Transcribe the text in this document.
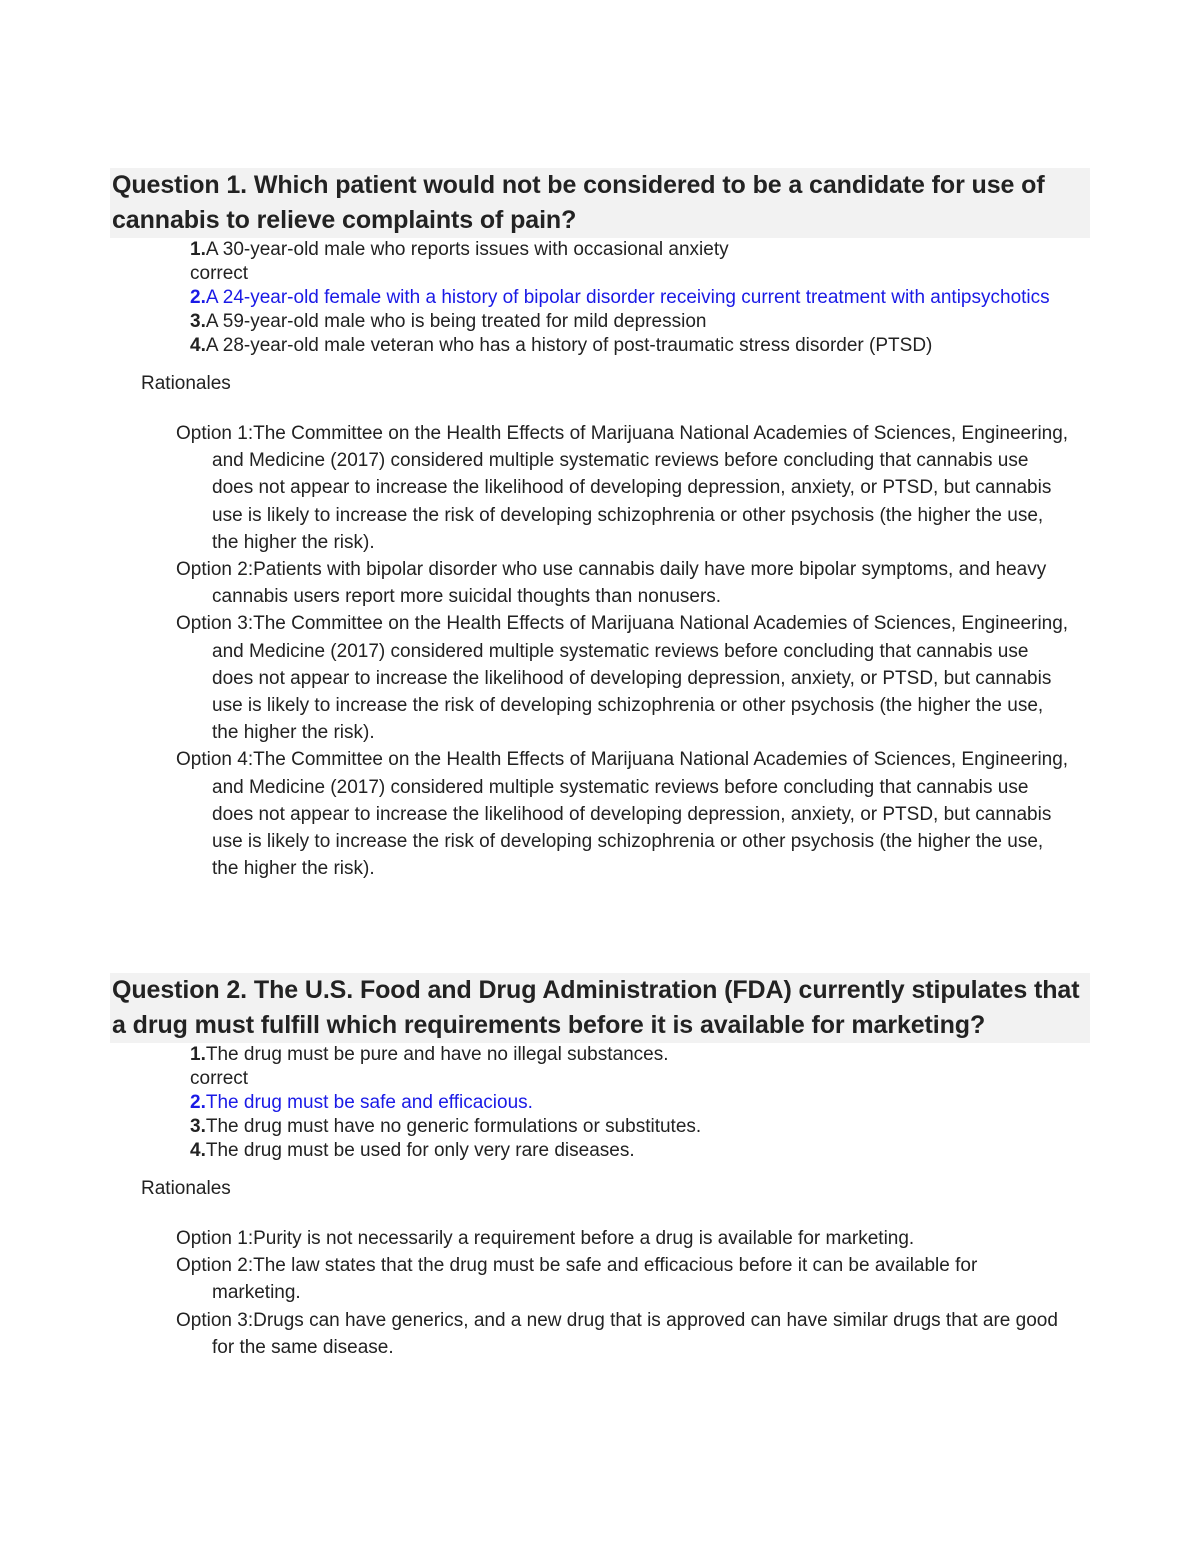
Question 1. Which patient would not be considered to be a candidate for use of cannabis to relieve complaints of pain?
1.A 30-year-old male who reports issues with occasional anxiety

correct

2.A 24-year-old female with a history of bipolar disorder receiving current treatment with antipsychotics
3.A 59-year-old male who is being treated for mild depression
4.A 28-year-old male veteran who has a history of post-traumatic stress disorder (PTSD)

Rationales

Option 1:The Committee on the Health Effects of Marijuana National Academies of Sciences, Engineering, and Medicine (2017) considered multiple systematic reviews before concluding that cannabis use does not appear to increase the likelihood of developing depression, anxiety, or PTSD, but cannabis use is likely to increase the risk of developing schizophrenia or other psychosis (the higher the use, the higher the risk).
Option 2:Patients with bipolar disorder who use cannabis daily have more bipolar symptoms, and heavy cannabis users report more suicidal thoughts than nonusers.
Option 3:The Committee on the Health Effects of Marijuana National Academies of Sciences, Engineering, and Medicine (2017) considered multiple systematic reviews before concluding that cannabis use does not appear to increase the likelihood of developing depression, anxiety, or PTSD, but cannabis use is likely to increase the risk of developing schizophrenia or other psychosis (the higher the use, the higher the risk).
Option 4:The Committee on the Health Effects of Marijuana National Academies of Sciences, Engineering, and Medicine (2017) considered multiple systematic reviews before concluding that cannabis use does not appear to increase the likelihood of developing depression, anxiety, or PTSD, but cannabis use is likely to increase the risk of developing schizophrenia or other psychosis (the higher the use, the higher the risk).
Question 2. The U.S. Food and Drug Administration (FDA) currently stipulates that a drug must fulfill which requirements before it is available for marketing?
1.The drug must be pure and have no illegal substances.

correct

2.The drug must be safe and efficacious.
3.The drug must have no generic formulations or substitutes.
4.The drug must be used for only very rare diseases.

Rationales

Option 1:Purity is not necessarily a requirement before a drug is available for marketing.
Option 2:The law states that the drug must be safe and efficacious before it can be available for marketing.
Option 3:Drugs can have generics, and a new drug that is approved can have similar drugs that are good for the same disease.
